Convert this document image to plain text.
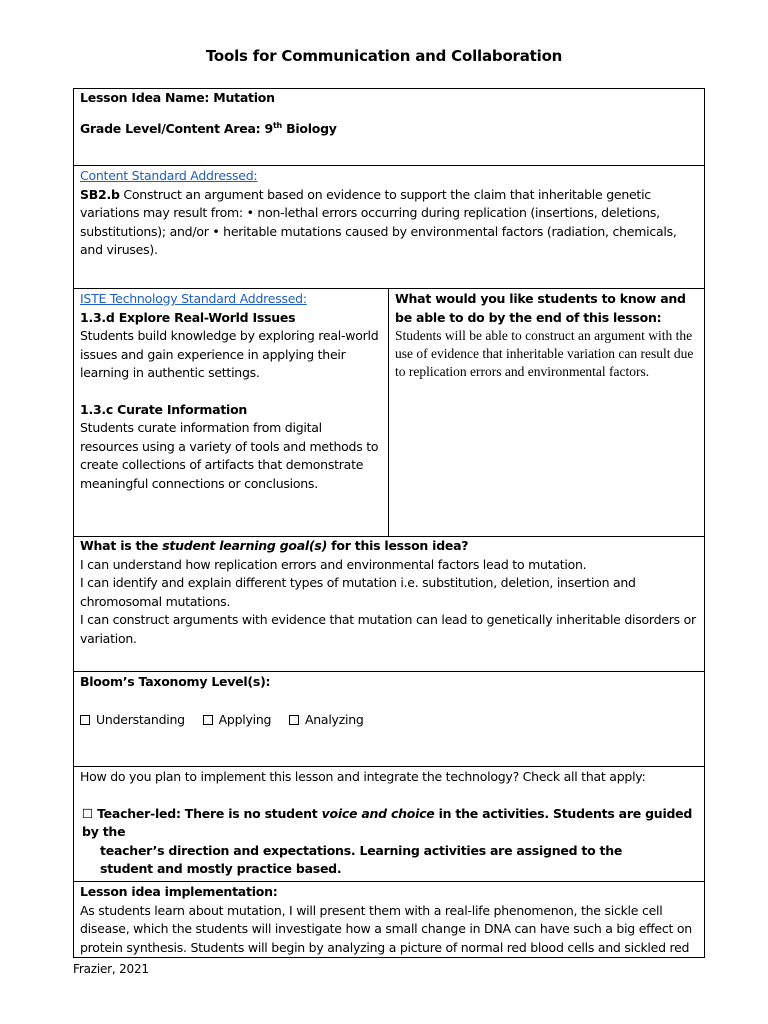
Tools for Communication and Collaboration
Lesson Idea Name: Mutation
Grade Level/Content Area: 9th Biology
Content Standard Addressed:
SB2.b Construct an argument based on evidence to support the claim that inheritable genetic variations may result from: • non-lethal errors occurring during replication (insertions, deletions, substitutions); and/or • heritable mutations caused by environmental factors (radiation, chemicals, and viruses).
ISTE Technology Standard Addressed:
1.3.d Explore Real-World Issues
Students build knowledge by exploring real-world issues and gain experience in applying their learning in authentic settings.
1.3.c Curate Information
Students curate information from digital resources using a variety of tools and methods to create collections of artifacts that demonstrate meaningful connections or conclusions.
What would you like students to know and be able to do by the end of this lesson:
Students will be able to construct an argument with the use of evidence that inheritable variation can result due to replication errors and environmental factors.
What is the student learning goal(s) for this lesson idea?
I can understand how replication errors and environmental factors lead to mutation.
I can identify and explain different types of mutation i.e. substitution, deletion, insertion and chromosomal mutations.
I can construct arguments with evidence that mutation can lead to genetically inheritable disorders or variation.
Bloom’s Taxonomy Level(s):
Understanding	Applying	Analyzing
How do you plan to implement this lesson and integrate the technology? Check all that apply:
☐ Teacher-led: There is no student voice and choice in the activities. Students are guided by the
teacher’s direction and expectations. Learning activities are assigned to the
student and mostly practice based.
Lesson idea implementation:
As students learn about mutation, I will present them with a real-life phenomenon, the sickle cell disease, which the students will investigate how a small change in DNA can have such a big effect on protein synthesis. Students will begin by analyzing a picture of normal red blood cells and sickled red
Frazier, 2021
